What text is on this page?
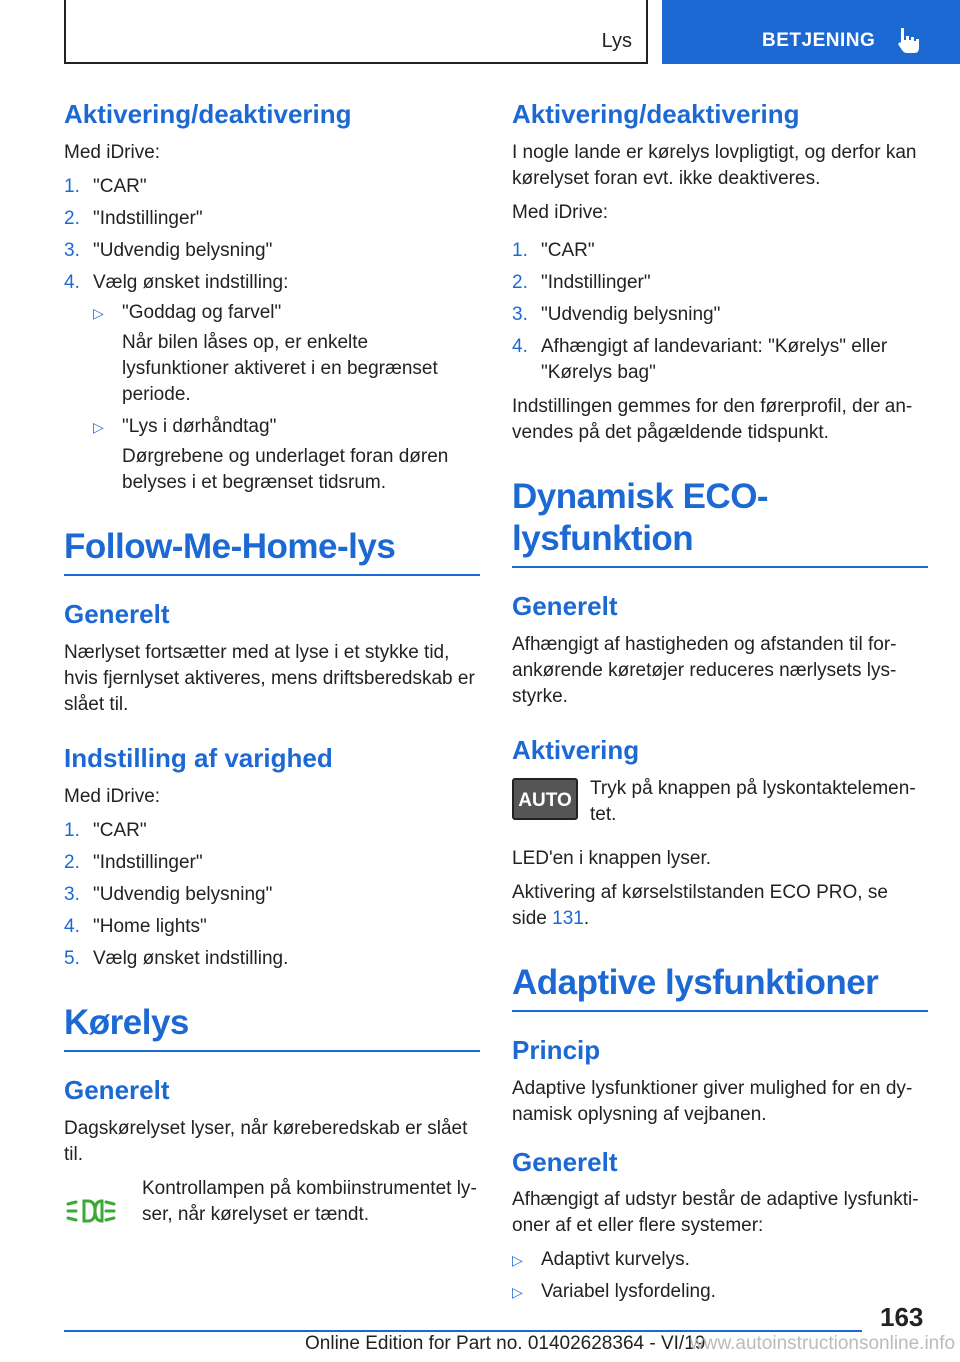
Lys	BETJENING
Aktivering/deaktivering

Med iDrive:

1. "CAR"
2. "Indstillinger"
3. "Udvendig belysning"
4. Vælg ønsket indstilling:
▷ "Goddag og farvel"

Når bilen låses op, er enkelte lysfunktioner aktiveret i en begrænset periode.

▷ "Lys i dørhåndtag"

Dørgrebene og underlaget foran døren belyses i et begrænset tidsrum.

Follow-Me-Home-lys
Generelt

Nærlyset fortsætter med at lyse i et stykke tid, hvis fjernlyset aktiveres, mens driftsberedskab er slået til.

Indstilling af varighed

Med iDrive:

1. "CAR"
2. "Indstillinger"
3. "Udvendig belysning"
4. "Home lights"
5. Vælg ønsket indstilling.
Kørelys
Generelt

Dagskørelyset lyser, når køreberedskab er slået til.

Kontrollampen på kombiinstrumentet lyser, når kørelyset er tændt.

Aktivering/deaktivering

I nogle lande er kørelys lovpligtigt, og derfor kan kørelyset foran evt. ikke deaktiveres.

Med iDrive:

1. "CAR"
2. "Indstillinger"
3. "Udvendig belysning"
4. Afhængigt af landevariant: "Kørelys" eller "Kørelys bag"

Indstillingen gemmes for den førerprofil, der anvendes på det pågældende tidspunkt.

Dynamisk ECO-lysfunktion
Generelt

Afhængigt af hastigheden og afstanden til forankørende køretøjer reduceres nærlysets lysstyrke.

Aktivering
AUTO

Tryk på knappen på lyskontaktelementet.

LED'en i knappen lyser.

Aktivering af kørselstilstanden ECO PRO, se side 131.

Adaptive lysfunktioner
Princip

Adaptive lysfunktioner giver mulighed for en dynamisk oplysning af vejbanen.

Generelt

Afhængigt af udstyr består de adaptive lysfunktioner af et eller flere systemer:

▷ Adaptivt kurvelys.
▷ Variabel lysfordeling.
163
Online Edition for Part no. 01402628364 - VI/19
www.autoinstructionsonline.info
